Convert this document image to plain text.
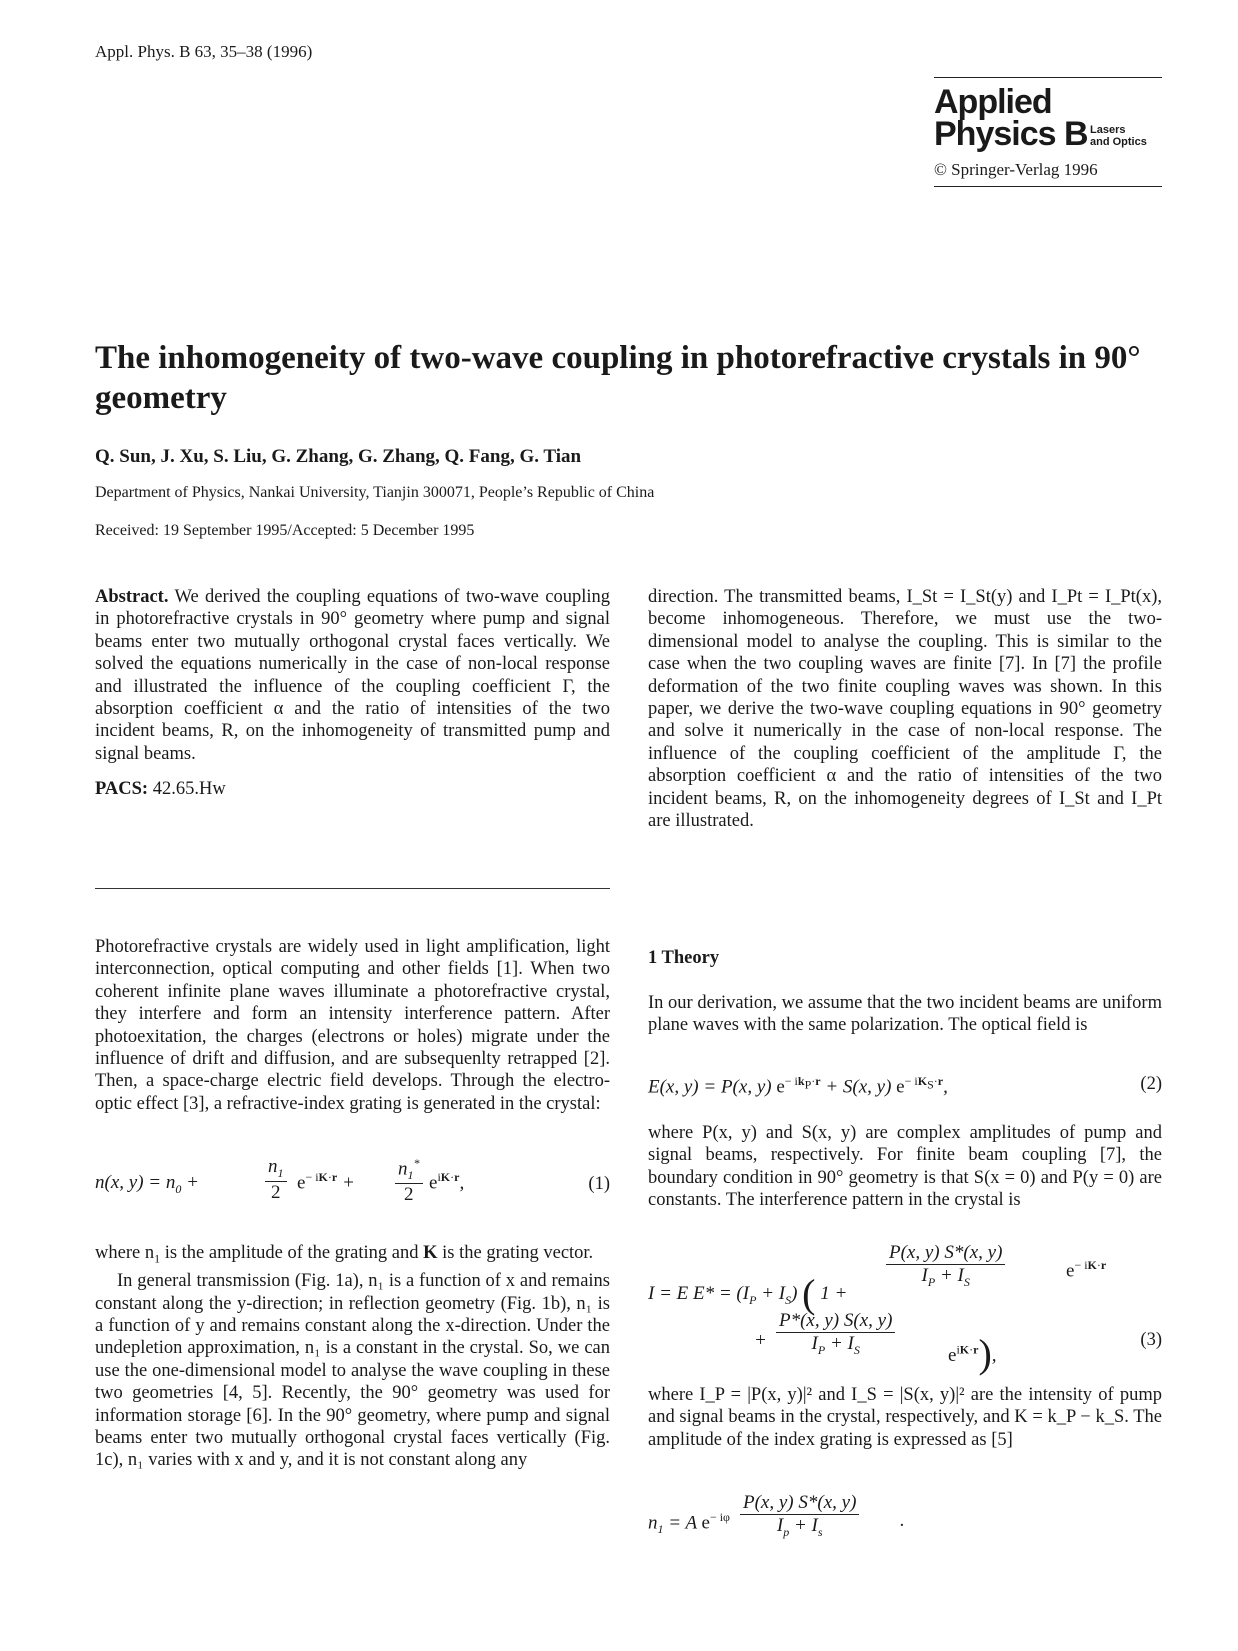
Appl. Phys. B 63, 35–38 (1996)
Applied
Physics B Lasers
and Optics
© Springer-Verlag 1996
The inhomogeneity of two-wave coupling in photorefractive crystals in 90° geometry
Q. Sun, J. Xu, S. Liu, G. Zhang, G. Zhang, Q. Fang, G. Tian
Department of Physics, Nankai University, Tianjin 300071, People’s Republic of China
Received: 19 September 1995/Accepted: 5 December 1995

Abstract. We derived the coupling equations of two-wave coupling in photorefractive crystals in 90° geometry where pump and signal beams enter two mutually orthogonal crystal faces vertically. We solved the equations numerically in the case of non-local response and illustrated the influence of the coupling coefficient Γ, the absorption coefficient α and the ratio of intensities of the two incident beams, R, on the inhomogeneity of transmitted pump and signal beams.

PACS: 42.65.Hw

Photorefractive crystals are widely used in light amplification, light interconnection, optical computing and other fields [1]. When two coherent infinite plane waves illuminate a photorefractive crystal, they interfere and form an intensity interference pattern. After photoexitation, the charges (electrons or holes) migrate under the influence of drift and diffusion, and are subsequenlty retrapped [2]. Then, a space-charge electric field develops. Through the electro-optic effect [3], a refractive-index grating is generated in the crystal:

n(x, $y) = n_0$ +	$\frac{n_1}{2} e^{- iK\cdot r} + \frac{n_1^*}{2} e^{iK\cdot r}$,	(1)

where $n_1$ is the amplitude of the grating and K is the grating vector.

In general transmission (Fig. 1a), n₁ is a function of x and remains constant along the y-direction; in reflection geometry (Fig. 1b), n₁ is a function of y and remains constant along the x-direction. Under the undepletion approximation, n₁ is a constant in the crystal. So, we can use the one-dimensional model to analyse the wave coupling in these two geometries [4, 5]. Recently, the 90° geometry was used for information storage [6]. In the 90° geometry, where pump and signal beams enter two mutually orthogonal crystal faces vertically (Fig. 1c), n₁ varies with x and y, and it is not constant along any

direction. The transmitted beams, I_St = I_St(y) and I_Pt = I_Pt(x), become inhomogeneous. Therefore, we must use the two-dimensional model to analyse the coupling. This is similar to the case when the two coupling waves are finite [7]. In [7] the profile deformation of the two finite coupling waves was shown. In this paper, we derive the two-wave coupling equations in 90° geometry and solve it numerically in the case of non-local response. The influence of the coupling coefficient of the amplitude Γ, the absorption coefficient α and the ratio of intensities of the two incident beams, R, on the inhomogeneity degrees of I_St and I_Pt are illustrated.

1 Theory

In our derivation, we assume that the two incident beams are uniform plane waves with the same polarization. The optical field is

E(x, y) = P(x, y) $e^{- ik_P\cdot r} + S(x$, y) $e^{- iK_S\cdot r}$,	(2)

where P(x, y) and S(x, y) are complex amplitudes of pump and signal beams, respectively. For finite beam coupling [7], the boundary condition in 90° geometry is that S(x = 0) and P(y = 0) are constants. The interference pattern in the crystal is

I = E $E* = (I_P + I_S)$ ( 1 +
$\frac{P(x, y) S*(x, y)}{I_P + I_S}$	$e^{- iK\cdot r}$
+ $\frac{P*(x, y) S(x, y)}{I_P + I_S}$	$e^{iK\cdot r}$),
(3)

where I_P = |P(x, y)|² and I_S = |S(x, y)|² are the intensity of pump and signal beams in the crystal, respectively, and K = k_P − k_S. The amplitude of the index grating is expressed as [5]

$n_1 = A$ $e^{- i\varphi} \frac{P(x, y) S*(x, y)}{I_p + I_s}$ .
